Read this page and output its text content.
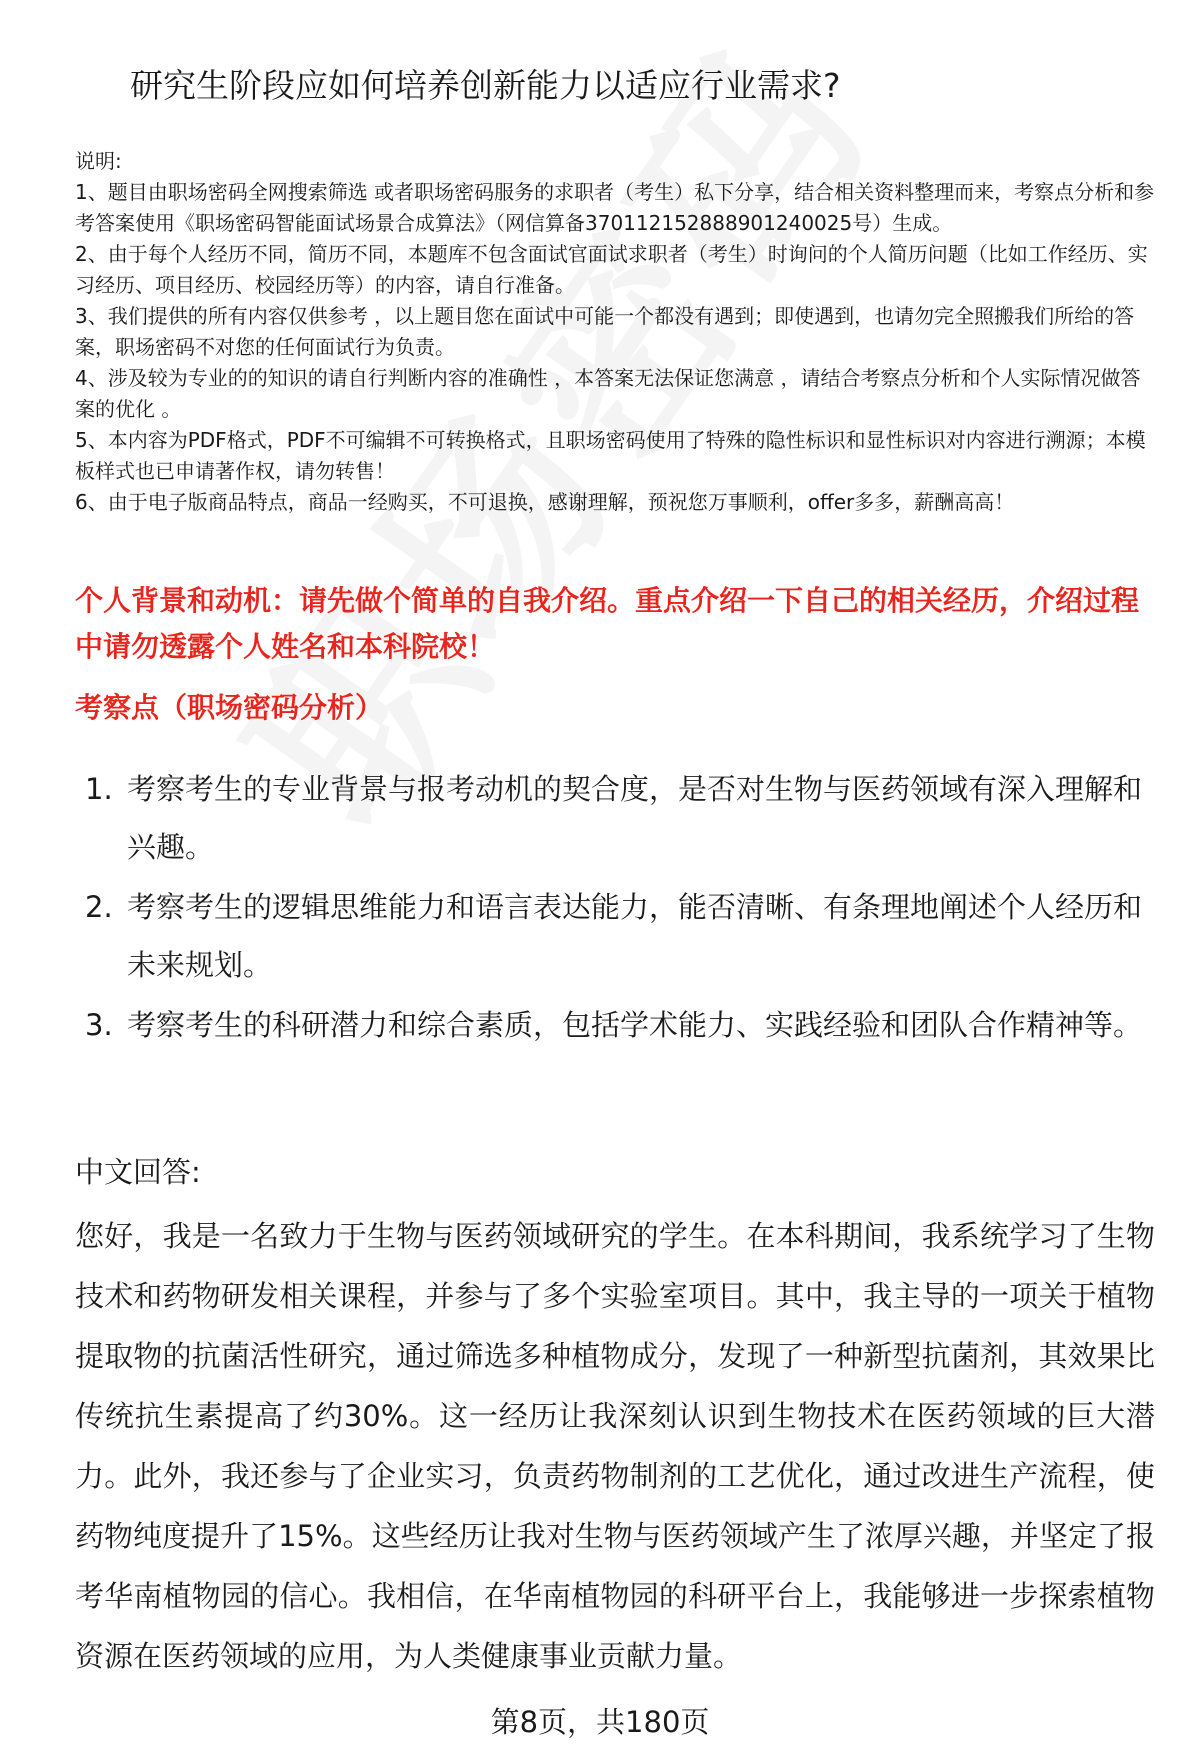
研究生阶段应如何培养创新能力以适应行业需求?

说明:

1、题目由职场密码全网搜索筛选 或者职场密码服务的求职者（考生）私下分享，结合相关资料整理而来，考察点分析和参考答案使用《职场密码智能面试场景合成算法》（网信算备370112152888901240025号）生成。

2、由于每个人经历不同，简历不同，本题库不包含面试官面试求职者（考生）时询问的个人简历问题（比如工作经历、实习经历、项目经历、校园经历等）的内容，请自行准备。

3、我们提供的所有内容仅供参考 ，以上题目您在面试中可能一个都没有遇到；即使遇到，也请勿完全照搬我们所给的答案，职场密码不对您的任何面试行为负责。

4、涉及较为专业的的知识的请自行判断内容的准确性 ，本答案无法保证您满意 ，请结合考察点分析和个人实际情况做答案的优化 。

5、本内容为PDF格式，PDF不可编辑不可转换格式，且职场密码使用了特殊的隐性标识和显性标识对内容进行溯源；本模板样式也已申请著作权，请勿转售！

6、由于电子版商品特点，商品一经购买，不可退换，感谢理解，预祝您万事顺利，offer多多，薪酬高高！

个人背景和动机：请先做个简单的自我介绍。重点介绍一下自己的相关经历，介绍过程中请勿透露个人姓名和本科院校！
考察点（职场密码分析）
1. 考察考生的专业背景与报考动机的契合度，是否对生物与医药领域有深入理解和兴趣。
2. 考察考生的逻辑思维能力和语言表达能力，能否清晰、有条理地阐述个人经历和未来规划。
3. 考察考生的科研潜力和综合素质，包括学术能力、实践经验和团队合作精神等。
中文回答:
您好，我是一名致力于生物与医药领域研究的学生。在本科期间，我系统学习了生物技术和药物研发相关课程，并参与了多个实验室项目。其中，我主导的一项关于植物提取物的抗菌活性研究，通过筛选多种植物成分，发现了一种新型抗菌剂，其效果比传统抗生素提高了约30%。这一经历让我深刻认识到生物技术在医药领域的巨大潜力。此外，我还参与了企业实习，负责药物制剂的工艺优化，通过改进生产流程，使药物纯度提升了15%。这些经历让我对生物与医药领域产生了浓厚兴趣，并坚定了报考华南植物园的信心。我相信，在华南植物园的科研平台上，我能够进一步探索植物资源在医药领域的应用，为人类健康事业贡献力量。
第8页，共180页
